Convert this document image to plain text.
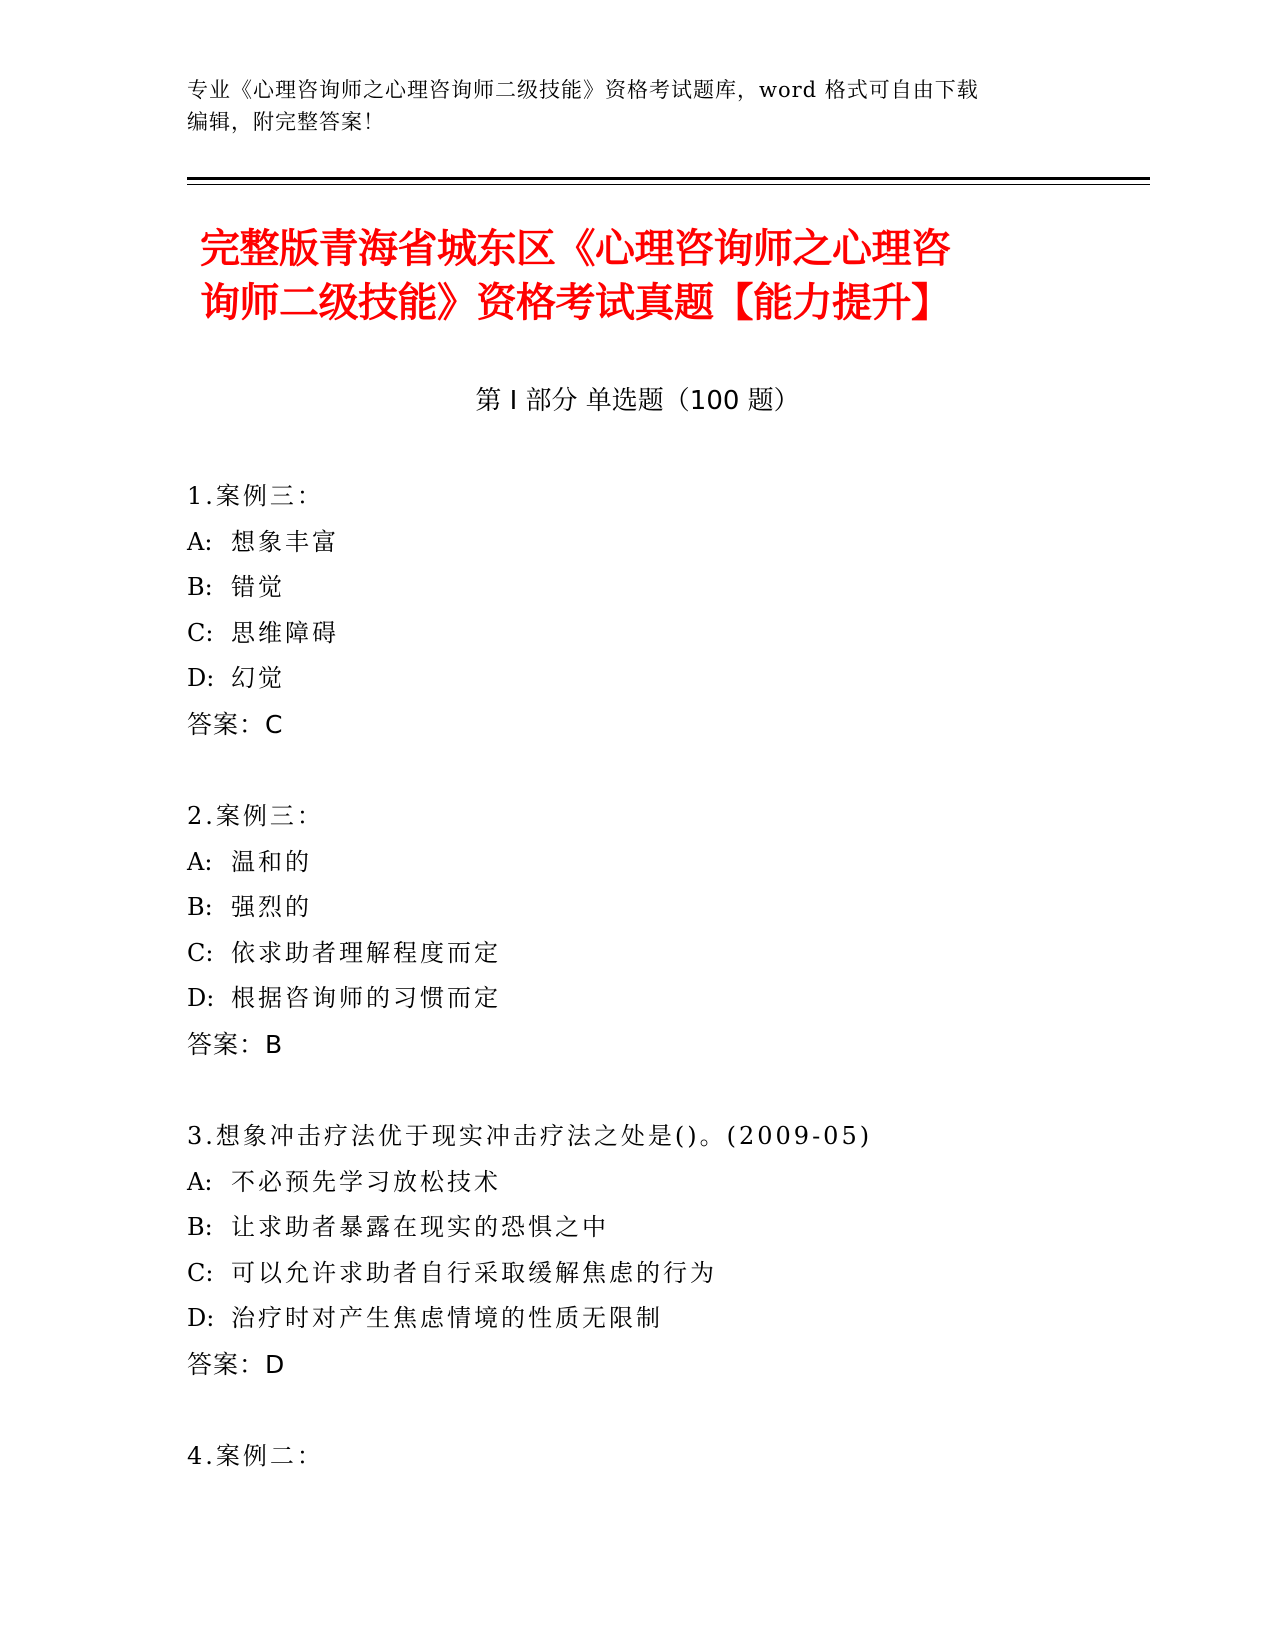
专业《心理咨询师之心理咨询师二级技能》资格考试题库，word 格式可自由下载
编辑，附完整答案！
完整版青海省城东区《心理咨询师之心理咨
询师二级技能》资格考试真题【能力提升】
第 I 部分 单选题（100 题）
1.案例三：
A: 想象丰富
B: 错觉
C: 思维障碍
D: 幻觉
答案：C
2.案例三：
A: 温和的
B: 强烈的
C: 依求助者理解程度而定
D: 根据咨询师的习惯而定
答案：B
3.想象冲击疗法优于现实冲击疗法之处是()。(2009-05)
A: 不必预先学习放松技术
B: 让求助者暴露在现实的恐惧之中
C: 可以允许求助者自行采取缓解焦虑的行为
D: 治疗时对产生焦虑情境的性质无限制
答案：D
4.案例二：
